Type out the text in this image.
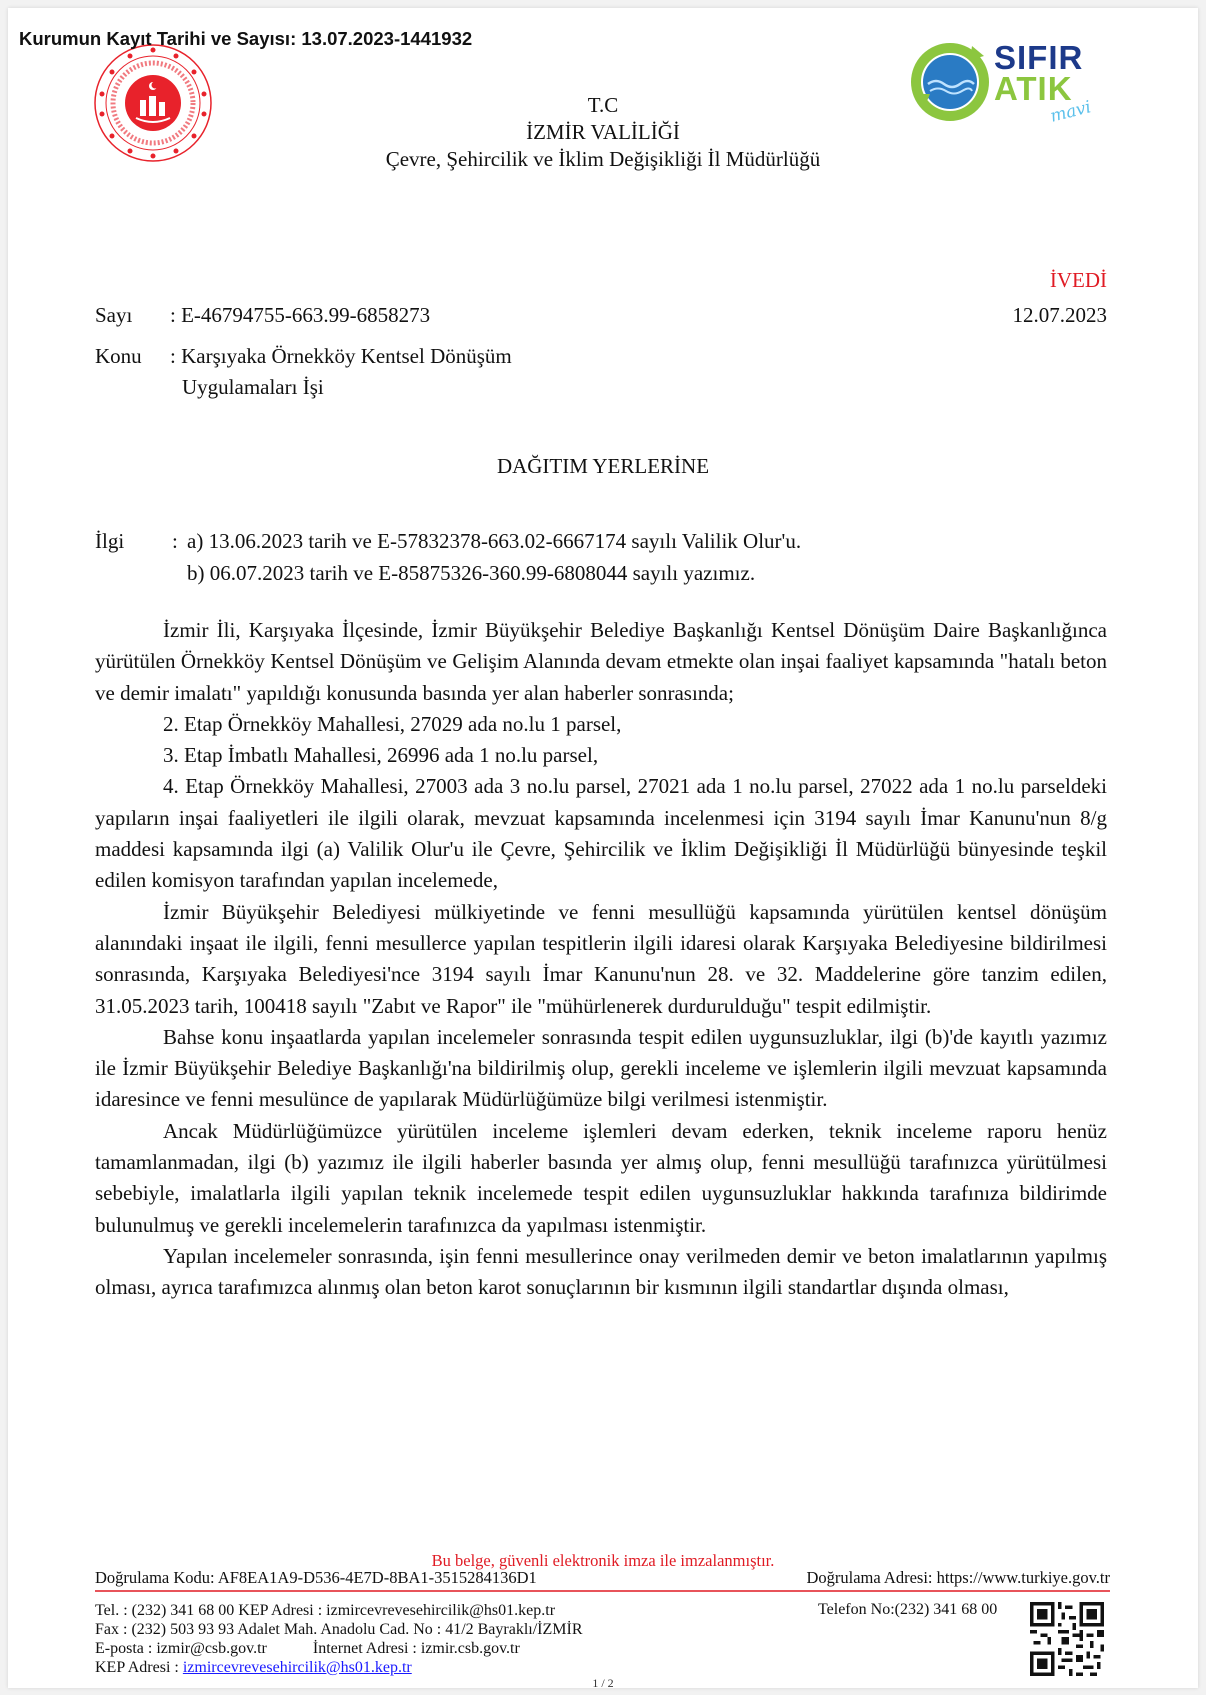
Kurumun Kayıt Tarihi ve Sayısı: 13.07.2023-1441932
SIFIR
ATIK
mavi
T.C
İZMİR VALİLİĞİ
Çevre, Şehircilik ve İklim Değişikliği İl Müdürlüğü
İVEDİ
Sayı : E-46794755-663.99-6858273	12.07.2023
Konu : Karşıyaka Örnekköy Kentsel Dönüşüm
Uygulamaları İşi
DAĞITIM YERLERİNE
İlgi : a) 13.06.2023 tarih ve E-57832378-663.02-6667174 sayılı Valilik Olur'u.
b) 06.07.2023 tarih ve E-85875326-360.99-6808044 sayılı yazımız.
İzmir İli, Karşıyaka İlçesinde, İzmir Büyükşehir Belediye Başkanlığı Kentsel Dönüşüm Daire Başkanlığınca yürütülen Örnekköy Kentsel Dönüşüm ve Gelişim Alanında devam etmekte olan inşai faaliyet kapsamında "hatalı beton ve demir imalatı" yapıldığı konusunda basında yer alan haberler sonrasında;
2. Etap Örnekköy Mahallesi, 27029 ada no.lu 1 parsel,
3. Etap İmbatlı Mahallesi, 26996 ada 1 no.lu parsel,
4. Etap Örnekköy Mahallesi, 27003 ada 3 no.lu parsel, 27021 ada 1 no.lu parsel, 27022 ada 1 no.lu parseldeki yapıların inşai faaliyetleri ile ilgili olarak, mevzuat kapsamında incelenmesi için 3194 sayılı İmar Kanunu'nun 8/g maddesi kapsamında ilgi (a) Valilik Olur'u ile Çevre, Şehircilik ve İklim Değişikliği İl Müdürlüğü bünyesinde teşkil edilen komisyon tarafından yapılan incelemede,
İzmir Büyükşehir Belediyesi mülkiyetinde ve fenni mesullüğü kapsamında yürütülen kentsel dönüşüm alanındaki inşaat ile ilgili, fenni mesullerce yapılan tespitlerin ilgili idaresi olarak Karşıyaka Belediyesine bildirilmesi sonrasında, Karşıyaka Belediyesi'nce 3194 sayılı İmar Kanunu'nun 28. ve 32. Maddelerine göre tanzim edilen, 31.05.2023 tarih, 100418 sayılı "Zabıt ve Rapor" ile "mühürlenerek durdurulduğu" tespit edilmiştir.
Bahse konu inşaatlarda yapılan incelemeler sonrasında tespit edilen uygunsuzluklar, ilgi (b)'de kayıtlı yazımız ile İzmir Büyükşehir Belediye Başkanlığı'na bildirilmiş olup, gerekli inceleme ve işlemlerin ilgili mevzuat kapsamında idaresince ve fenni mesulünce de yapılarak Müdürlüğümüze bilgi verilmesi istenmiştir.
Ancak Müdürlüğümüzce yürütülen inceleme işlemleri devam ederken, teknik inceleme raporu henüz tamamlanmadan, ilgi (b) yazımız ile ilgili haberler basında yer almış olup, fenni mesullüğü tarafınızca yürütülmesi sebebiyle, imalatlarla ilgili yapılan teknik incelemede tespit edilen uygunsuzluklar hakkında tarafınıza bildirimde bulunulmuş ve gerekli incelemelerin tarafınızca da yapılması istenmiştir.
Yapılan incelemeler sonrasında, işin fenni mesullerince onay verilmeden demir ve beton imalatlarının yapılmış olması, ayrıca tarafımızca alınmış olan beton karot sonuçlarının bir kısmının ilgili standartlar dışında olması,
Bu belge, güvenli elektronik imza ile imzalanmıştır.
Doğrulama Kodu: AF8EA1A9-D536-4E7D-8BA1-3515284136D1	Doğrulama Adresi: https://www.turkiye.gov.tr
Tel. : (232) 341 68 00 KEP Adresi : izmircevrevesehircilik@hs01.kep.tr
Fax : (232) 503 93 93 Adalet Mah. Anadolu Cad. No : 41/2 Bayraklı/İZMİR
E-posta : izmir@csb.gov.tr	İnternet Adresi : izmir.csb.gov.tr
KEP Adresi : izmircevrevesehircilik@hs01.kep.tr
Telefon No:(232) 341 68 00
1 / 2
